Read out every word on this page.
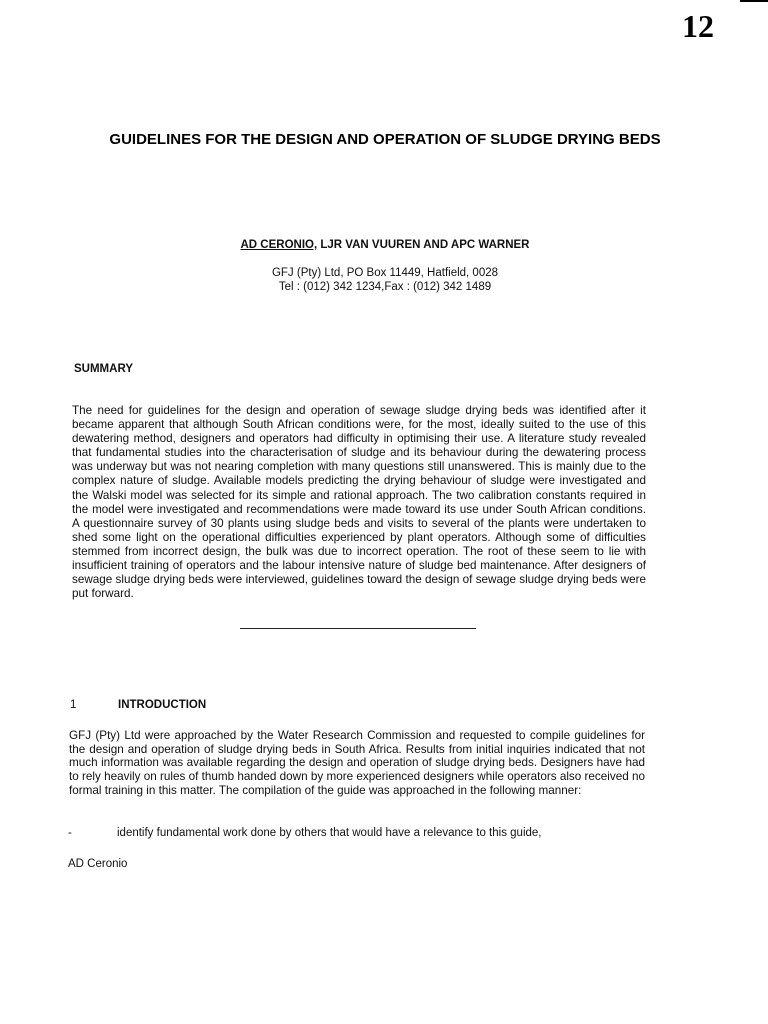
12
GUIDELINES FOR THE DESIGN AND OPERATION OF SLUDGE DRYING BEDS
AD CERONIO, LJR VAN VUUREN AND APC WARNER
GFJ (Pty) Ltd, PO Box 11449, Hatfield, 0028
Tel : (012) 342 1234,Fax : (012) 342 1489
SUMMARY
The need for guidelines for the design and operation of sewage sludge drying beds was identified after it became apparent that although South African conditions were, for the most, ideally suited to the use of this dewatering method, designers and operators had difficulty in optimising their use. A literature study revealed that fundamental studies into the characterisation of sludge and its behaviour during the dewatering process was underway but was not nearing completion with many questions still unanswered. This is mainly due to the complex nature of sludge. Available models predicting the drying behaviour of sludge were investigated and the Walski model was selected for its simple and rational approach. The two calibration constants required in the model were investigated and recommendations were made toward its use under South African conditions. A questionnaire survey of 30 plants using sludge beds and visits to several of the plants were undertaken to shed some light on the operational difficulties experienced by plant operators. Although some of difficulties stemmed from incorrect design, the bulk was due to incorrect operation. The root of these seem to lie with insufficient training of operators and the labour intensive nature of sludge bed maintenance. After designers of sewage sludge drying beds were interviewed, guidelines toward the design of sewage sludge drying beds were put forward.
1	INTRODUCTION
GFJ (Pty) Ltd were approached by the Water Research Commission and requested to compile guidelines for the design and operation of sludge drying beds in South Africa. Results from initial inquiries indicated that not much information was available regarding the design and operation of sludge drying beds. Designers have had to rely heavily on rules of thumb handed down by more experienced designers while operators also received no formal training in this matter. The compilation of the guide was approached in the following manner:
-	identify fundamental work done by others that would have a relevance to this guide,
AD Ceronio
